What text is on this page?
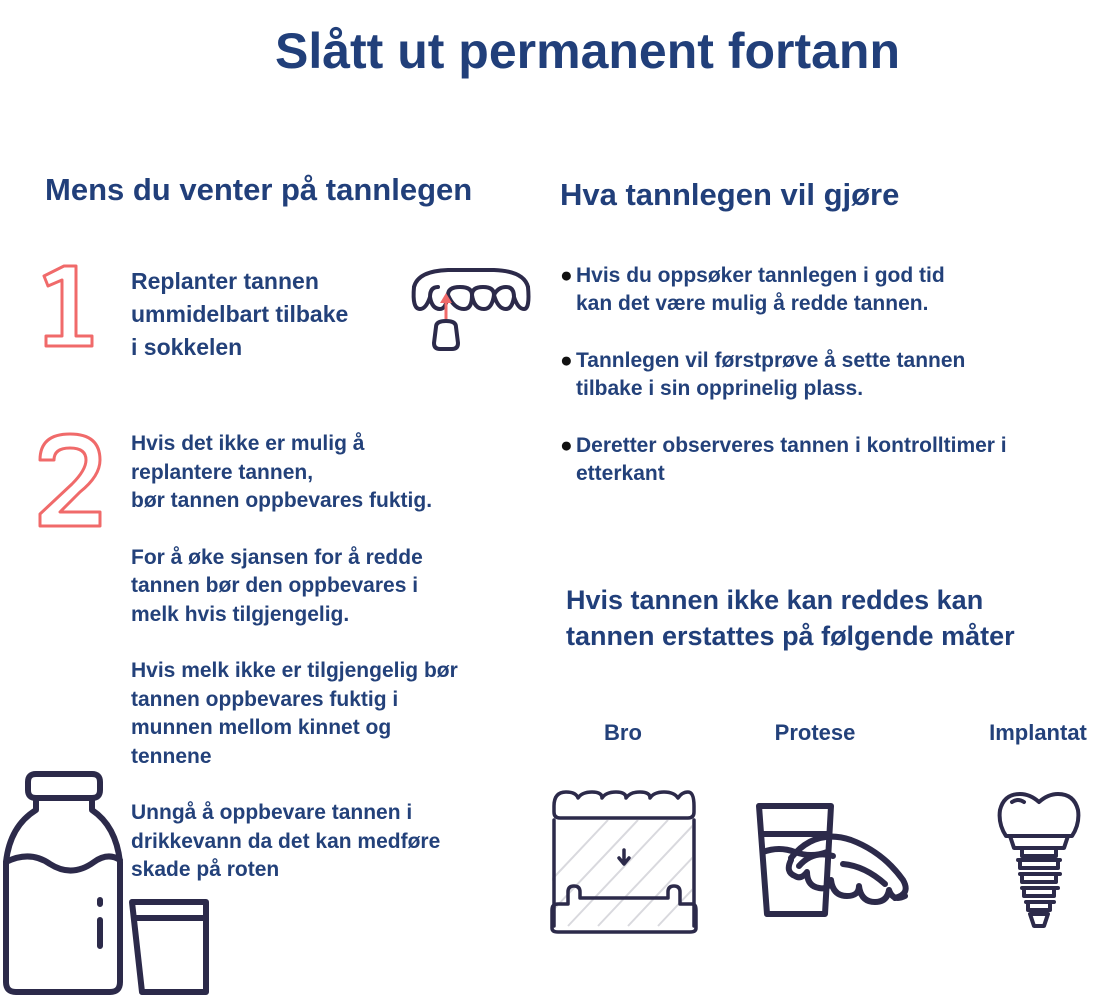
Slått ut permanent fortann
Mens du venter på tannlegen	Hva tannlegen vil gjøre
Replanter tannen
ummidelbart tilbake
i sokkelen
Hvis det ikke er mulig å
replantere tannen,
bør tannen oppbevares fuktig.
For å øke sjansen for å redde
tannen bør den oppbevares i
melk hvis tilgjengelig.
Hvis melk ikke er tilgjengelig bør
tannen oppbevares fuktig i
munnen mellom kinnet og
tennene
Unngå å oppbevare tannen i
drikkevann da det kan medføre
skade på roten
● Hvis du oppsøker tannlegen i god tid
kan det være mulig å redde tannen.
● Tannlegen vil førstprøve å sette tannen
tilbake i sin opprinelig plass.
● Deretter observeres tannen i kontrolltimer i
etterkant
Hvis tannen ikke kan reddes kan
tannen erstattes på følgende måter
Bro	Protese	Implantat
